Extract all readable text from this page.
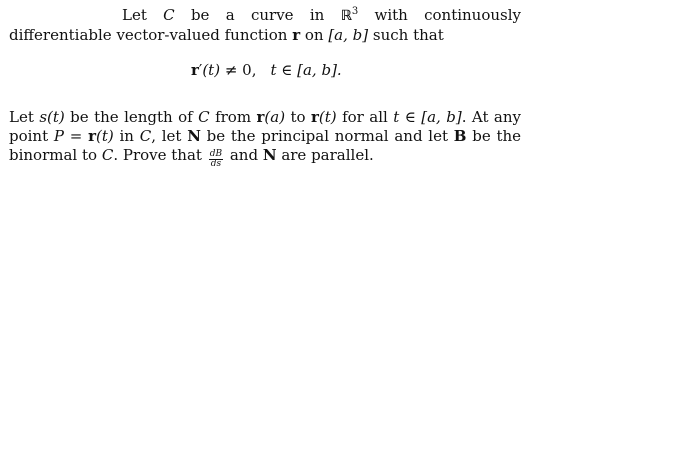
Let C be a curve in ℝ$^3$ with continuously differentiable vector-valued function r on [a, b] such that

r′(t) ≠ 0, t ∈ [a, b].

Let s(t) be the length of C from r(a) to r(t) for all t ∈ [a, b]. At any point P = r(t) in C, let N be the principal normal and let B be the binormal to C. Prove that $\frac{dB}{ds}$ and N are parallel.
